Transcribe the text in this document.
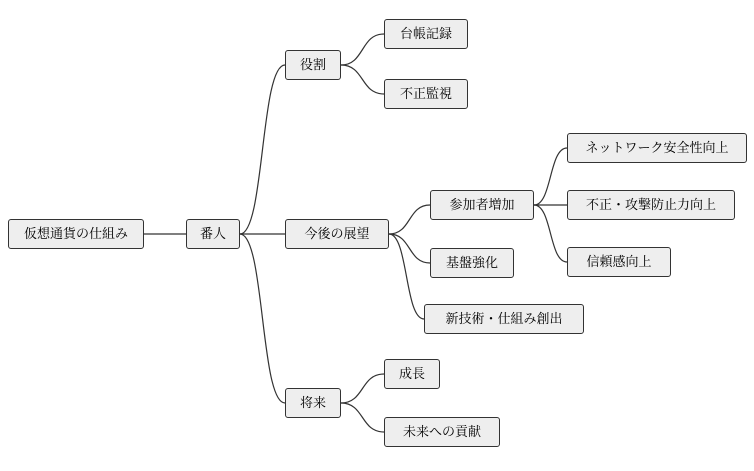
仮想通貨の仕組み	番人
役割
台帳記録
不正監視
今後の展望
参加者増加
基盤強化
新技術・仕組み創出
ネットワーク安全性向上
不正・攻撃防止力向上
信頼感向上
将来
成長
未来への貢献
